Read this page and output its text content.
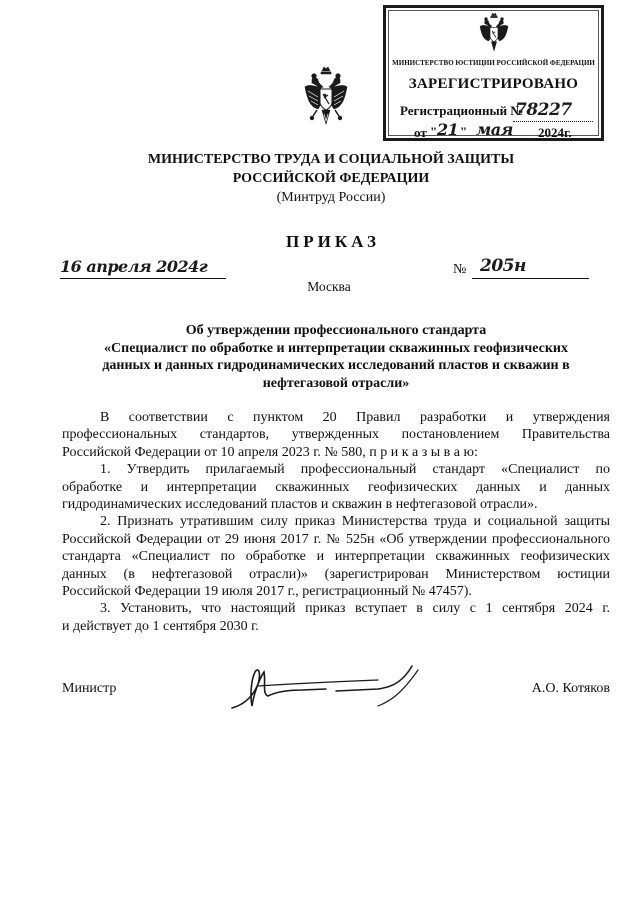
МИНИСТЕРСТВО ЮСТИЦИИ РОССИЙСКОЙ ФЕДЕРАЦИИ
ЗАРЕГИСТРИРОВАНО
Регистрационный №
78227
от " 21 " мая 2024г.
МИНИСТЕРСТВО ТРУДА И СОЦИАЛЬНОЙ ЗАЩИТЫ
РОССИЙСКОЙ ФЕДЕРАЦИИ
(Минтруд России)
ПРИКАЗ
16 апреля 2024г	№ 205н
Москва
Об утверждении профессионального стандарта
«Специалист по обработке и интерпретации скважинных геофизических
данных и данных гидродинамических исследований пластов и скважин в
нефтегазовой отрасли»
В соответствии с пунктом 20 Правил разработки и утверждения
профессиональных стандартов, утвержденных постановлением Правительства
Российской Федерации от 10 апреля 2023 г. № 580, п р и к а з ы в а ю:
1. Утвердить прилагаемый профессиональный стандарт «Специалист по
обработке и интерпретации скважинных геофизических данных и данных
гидродинамических исследований пластов и скважин в нефтегазовой отрасли».
2. Признать утратившим силу приказ Министерства труда и социальной защиты
Российской Федерации от 29 июня 2017 г. № 525н «Об утверждении профессионального
стандарта «Специалист по обработке и интерпретации скважинных геофизических
данных (в нефтегазовой отрасли)» (зарегистрирован Министерством юстиции
Российской Федерации 19 июля 2017 г., регистрационный № 47457).
3. Установить, что настоящий приказ вступает в силу с 1 сентября 2024 г.
и действует до 1 сентября 2030 г.
Министр	А.О. Котяков
